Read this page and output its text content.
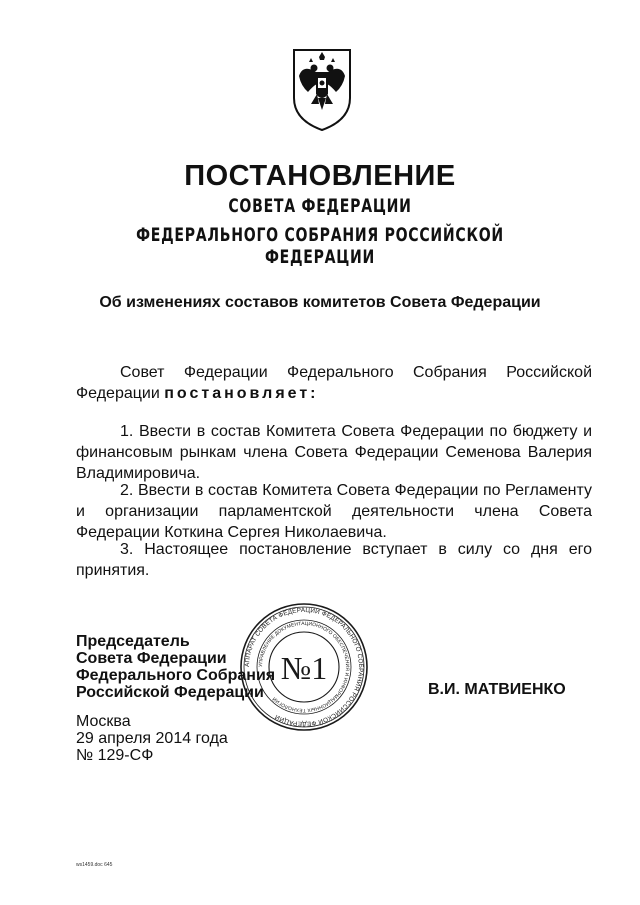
ПОСТАНОВЛЕНИЕ
СОВЕТА ФЕДЕРАЦИИ
ФЕДЕРАЛЬНОГО СОБРАНИЯ РОССИЙСКОЙ ФЕДЕРАЦИИ
Об изменениях составов комитетов Совета Федерации
Совет Федерации Федерального Собрания Российской Федерации постановляет:
1. Ввести в состав Комитета Совета Федерации по бюджету и финансовым рынкам члена Совета Федерации Семенова Валерия Владимировича.
2. Ввести в состав Комитета Совета Федерации по Регламенту и организации парламентской деятельности члена Совета Федерации Коткина Сергея Николаевича.
3. Настоящее постановление вступает в силу со дня его принятия.
Председатель
Совета Федерации
Федерального Собрания
Российской Федерации	В.И. МАТВИЕНКО
Москва
29 апреля 2014 года
№ 129-СФ
АППАРАТ СОВЕТА ФЕДЕРАЦИИ ФЕДЕРАЛЬНОГО СОБРАНИЯ РОССИЙСКОЙ ФЕДЕРАЦИИ
УПРАВЛЕНИЕ ДОКУМЕНТАЦИОННОГО ОБЕСПЕЧЕНИЯ И ИНФОРМАЦИОННЫХ ТЕХНОЛОГИЙ
№1
ws1459.doc 645
